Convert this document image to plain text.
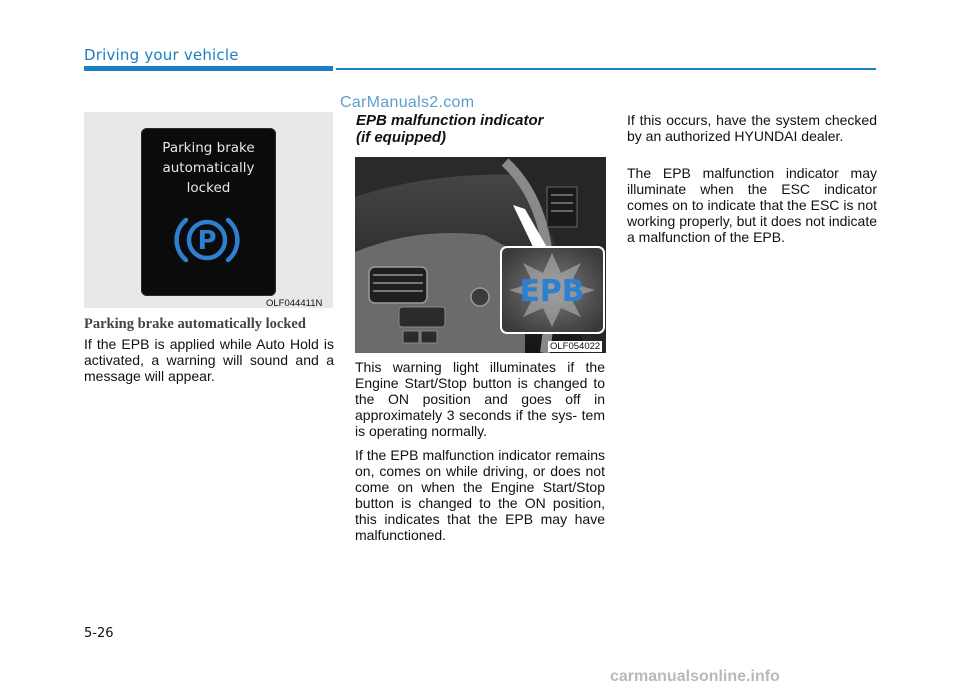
Driving your vehicle
CarManuals2.com
Parking brake
automatically
locked
P
OLF044411N
Parking brake automatically locked
If the EPB is applied while Auto Hold is activated, a warning will sound and a message will appear.
EPB malfunction indicator
(if equipped)
EPB
OLF054022
This warning light illuminates if the Engine Start/Stop button is changed to the ON position and goes off in approximately 3 seconds if the sys- tem is operating normally.
If the EPB malfunction indicator remains on, comes on while driving, or does not come on when the Engine Start/Stop button is changed to the ON position, this indicates that the EPB may have malfunctioned.
If this occurs, have the system checked by an authorized HYUNDAI dealer.
The EPB malfunction indicator may illuminate when the ESC indicator comes on to indicate that the ESC is not working properly, but it does not indicate a malfunction of the EPB.
5-26
carmanualsonline.info
